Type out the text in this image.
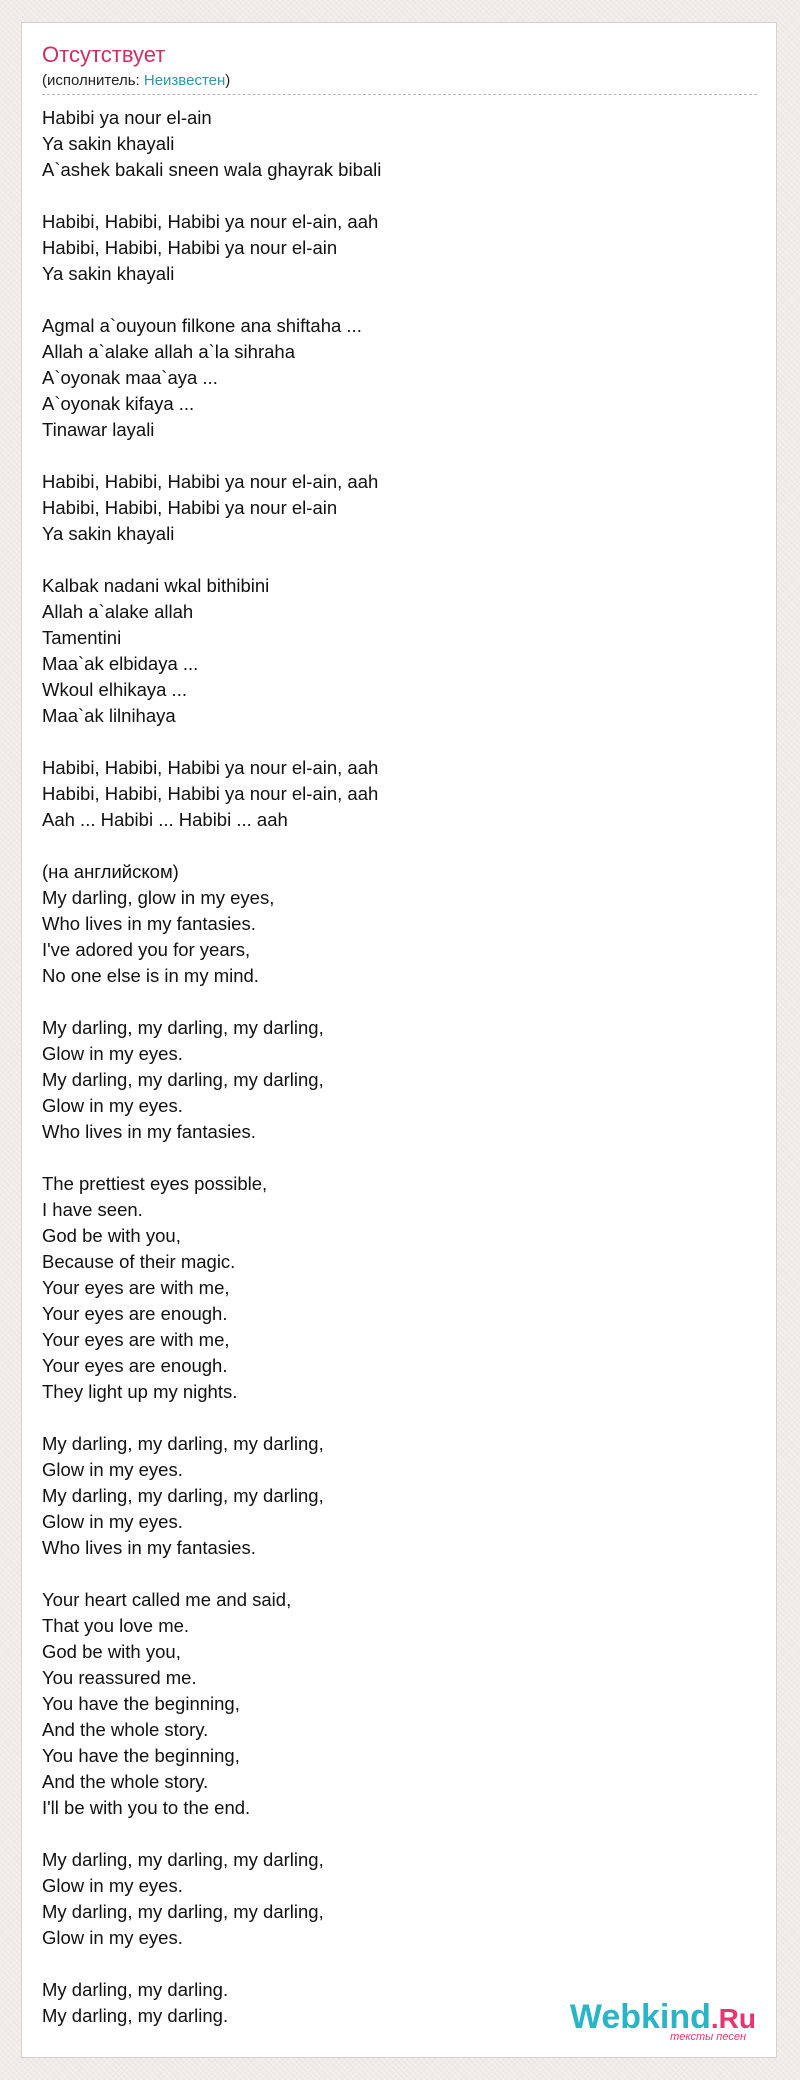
Отсутствует
(исполнитель: Неизвестен)
Habibi ya nour el-ain
Ya sakin khayali
A`ashek bakali sneen wala ghayrak bibali
Habibi, Habibi, Habibi ya nour el-ain, aah
Habibi, Habibi, Habibi ya nour el-ain
Ya sakin khayali
Agmal a`ouyoun filkone ana shiftaha ...
Allah a`alake allah a`la sihraha
A`oyonak maa`aya ...
A`oyonak kifaya ...
Tinawar layali
Habibi, Habibi, Habibi ya nour el-ain, aah
Habibi, Habibi, Habibi ya nour el-ain
Ya sakin khayali
Kalbak nadani wkal bithibini
Allah a`alake allah
Tamentini
Maa`ak elbidaya ...
Wkoul elhikaya ...
Maa`ak lilnihaya
Habibi, Habibi, Habibi ya nour el-ain, aah
Habibi, Habibi, Habibi ya nour el-ain, aah
Aah ... Habibi ... Habibi ... aah
(на английском)
My darling, glow in my eyes,
Who lives in my fantasies.
I've adored you for years,
No one else is in my mind.
My darling, my darling, my darling,
Glow in my eyes.
My darling, my darling, my darling,
Glow in my eyes.
Who lives in my fantasies.
The prettiest eyes possible,
I have seen.
God be with you,
Because of their magic.
Your eyes are with me,
Your eyes are enough.
Your eyes are with me,
Your eyes are enough.
They light up my nights.
My darling, my darling, my darling,
Glow in my eyes.
My darling, my darling, my darling,
Glow in my eyes.
Who lives in my fantasies.
Your heart called me and said,
That you love me.
God be with you,
You reassured me.
You have the beginning,
And the whole story.
You have the beginning,
And the whole story.
I'll be with you to the end.
My darling, my darling, my darling,
Glow in my eyes.
My darling, my darling, my darling,
Glow in my eyes.
My darling, my darling.
My darling, my darling.	Webkind.Ru
тексты песен
